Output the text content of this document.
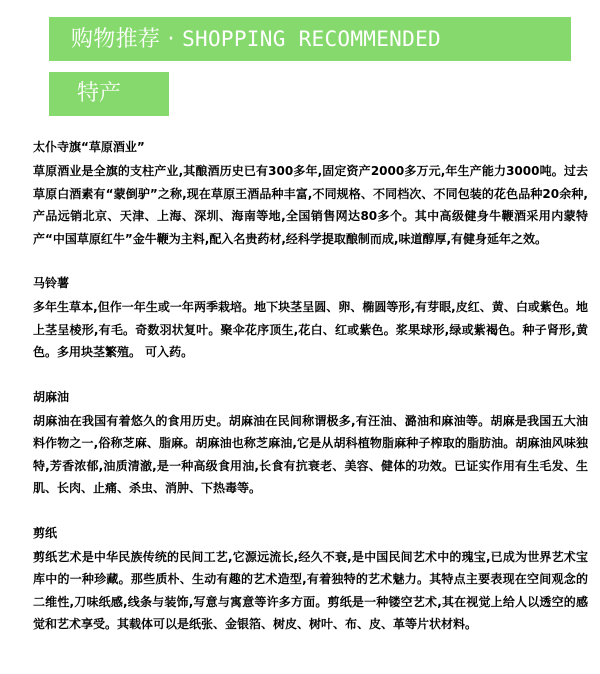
购物推荐 · SHOPPING RECOMMENDED
特产
太仆寺旗“草原酒业”

草原酒业是全旗的支柱产业,其酿酒历史已有300多年,固定资产2000多万元,年生产能力3000吨。过去草原白酒素有“蒙倒驴”之称,现在草原王酒品种丰富,不同规格、不同档次、不同包装的花色品种20余种,产品远销北京、天津、上海、深圳、海南等地,全国销售网达80多个。其中高级健身牛鞭酒采用内蒙特产“中国草原红牛”金牛鞭为主料,配入名贵药材,经科学提取酿制而成,味道醇厚,有健身延年之效。

马铃薯

多年生草本,但作一年生或一年两季栽培。地下块茎呈圆、卵、椭圆等形,有芽眼,皮红、黄、白或紫色。地上茎呈棱形,有毛。奇数羽状复叶。聚伞花序顶生,花白、红或紫色。浆果球形,绿或紫褐色。种子肾形,黄色。多用块茎繁殖。 可入药。

胡麻油

胡麻油在我国有着悠久的食用历史。胡麻油在民间称谓极多,有汪油、潞油和麻油等。胡麻是我国五大油料作物之一,俗称芝麻、脂麻。胡麻油也称芝麻油,它是从胡科植物脂麻种子榨取的脂肪油。胡麻油风味独特,芳香浓郁,油质清澈,是一种高级食用油,长食有抗衰老、美容、健体的功效。已证实作用有生毛发、生肌、长肉、止痛、杀虫、消肿、下热毒等。

剪纸

剪纸艺术是中华民族传统的民间工艺,它源远流长,经久不衰,是中国民间艺术中的瑰宝,已成为世界艺术宝库中的一种珍藏。那些质朴、生动有趣的艺术造型,有着独特的艺术魅力。其特点主要表现在空间观念的二维性,刀味纸感,线条与装饰,写意与寓意等许多方面。剪纸是一种镂空艺术,其在视觉上给人以透空的感觉和艺术享受。其载体可以是纸张、金银箔、树皮、树叶、布、皮、革等片状材料。
